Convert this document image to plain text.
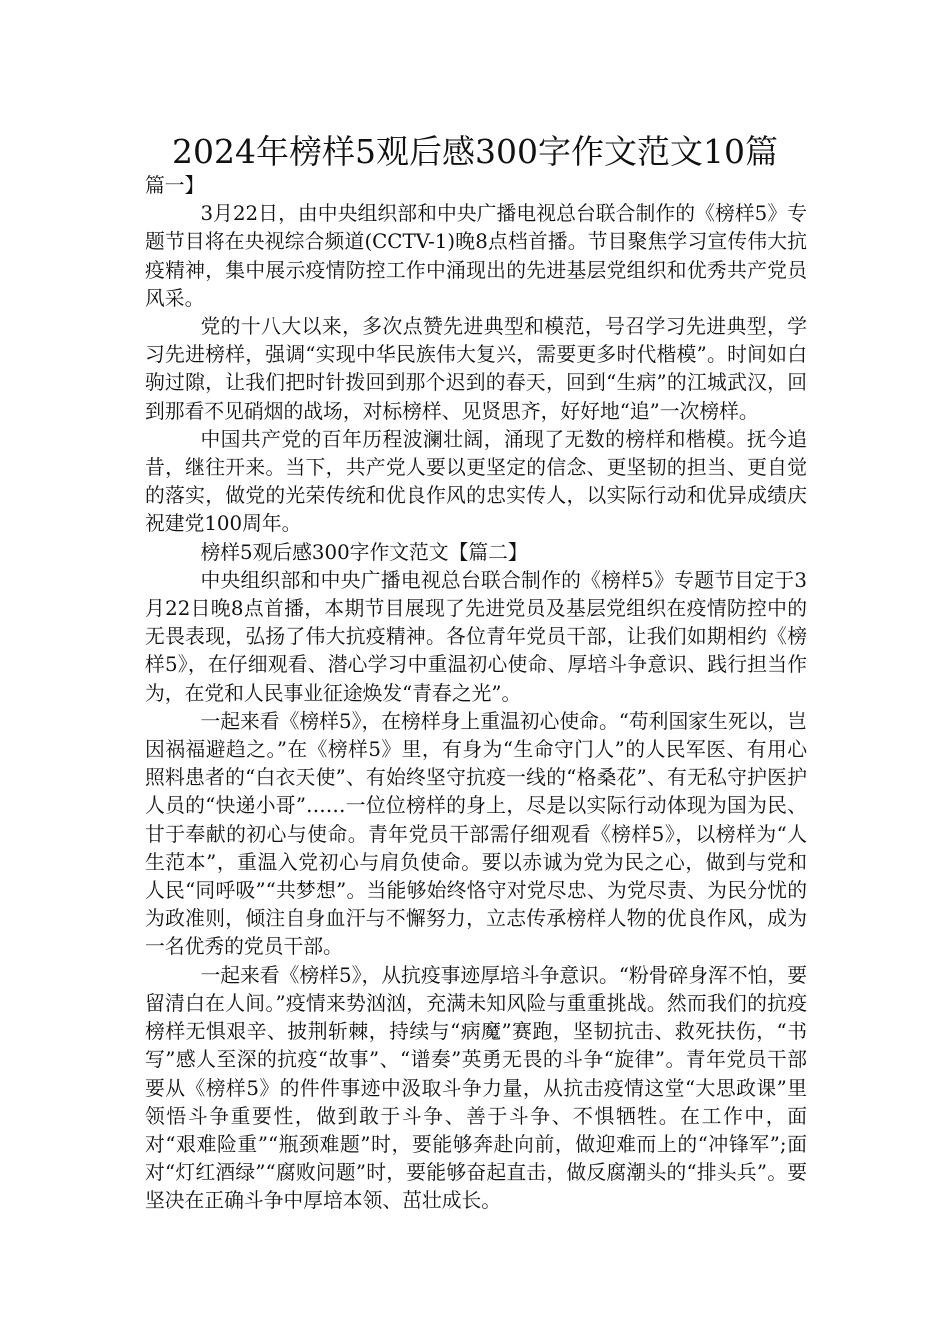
2024年榜样5观后感300字作文范文10篇

篇一】

3月22日，由中央组织部和中央广播电视总台联合制作的《榜样5》专题节目将在央视综合频道(CCTV-1)晚8点档首播。节目聚焦学习宣传伟大抗疫精神，集中展示疫情防控工作中涌现出的先进基层党组织和优秀共产党员风采。

党的十八大以来，多次点赞先进典型和模范，号召学习先进典型，学习先进榜样，强调“实现中华民族伟大复兴，需要更多时代楷模”。时间如白驹过隙，让我们把时针拨回到那个迟到的春天，回到“生病”的江城武汉，回到那看不见硝烟的战场，对标榜样、见贤思齐，好好地“追”一次榜样。

中国共产党的百年历程波澜壮阔，涌现了无数的榜样和楷模。抚今追昔，继往开来。当下，共产党人要以更坚定的信念、更坚韧的担当、更自觉的落实，做党的光荣传统和优良作风的忠实传人，以实际行动和优异成绩庆祝建党100周年。

榜样5观后感300字作文范文【篇二】

中央组织部和中央广播电视总台联合制作的《榜样5》专题节目定于3月22日晚8点首播，本期节目展现了先进党员及基层党组织在疫情防控中的无畏表现，弘扬了伟大抗疫精神。各位青年党员干部，让我们如期相约《榜样5》，在仔细观看、潜心学习中重温初心使命、厚培斗争意识、践行担当作为，在党和人民事业征途焕发“青春之光”。

一起来看《榜样5》，在榜样身上重温初心使命。“苟利国家生死以，岂因祸福避趋之。”在《榜样5》里，有身为“生命守门人”的人民军医、有用心照料患者的“白衣天使”、有始终坚守抗疫一线的“格桑花”、有无私守护医护人员的“快递小哥”……一位位榜样的身上，尽是以实际行动体现为国为民、甘于奉献的初心与使命。青年党员干部需仔细观看《榜样5》，以榜样为“人生范本”，重温入党初心与肩负使命。要以赤诚为党为民之心，做到与党和人民“同呼吸”“共梦想”。当能够始终恪守对党尽忠、为党尽责、为民分忧的为政准则，倾注自身血汗与不懈努力，立志传承榜样人物的优良作风，成为一名优秀的党员干部。

一起来看《榜样5》，从抗疫事迹厚培斗争意识。“粉骨碎身浑不怕，要留清白在人间。”疫情来势汹汹，充满未知风险与重重挑战。然而我们的抗疫榜样无惧艰辛、披荆斩棘，持续与“病魔”赛跑，坚韧抗击、救死扶伤，“书写”感人至深的抗疫“故事”、“谱奏”英勇无畏的斗争“旋律”。青年党员干部要从《榜样5》的件件事迹中汲取斗争力量，从抗击疫情这堂“大思政课”里领悟斗争重要性，做到敢于斗争、善于斗争、不惧牺牲。在工作中，面对“艰难险重”“瓶颈难题”时，要能够奔赴向前，做迎难而上的“冲锋军”;面对“灯红酒绿”“腐败问题”时，要能够奋起直击，做反腐潮头的“排头兵”。要坚决在正确斗争中厚培本领、茁壮成长。
